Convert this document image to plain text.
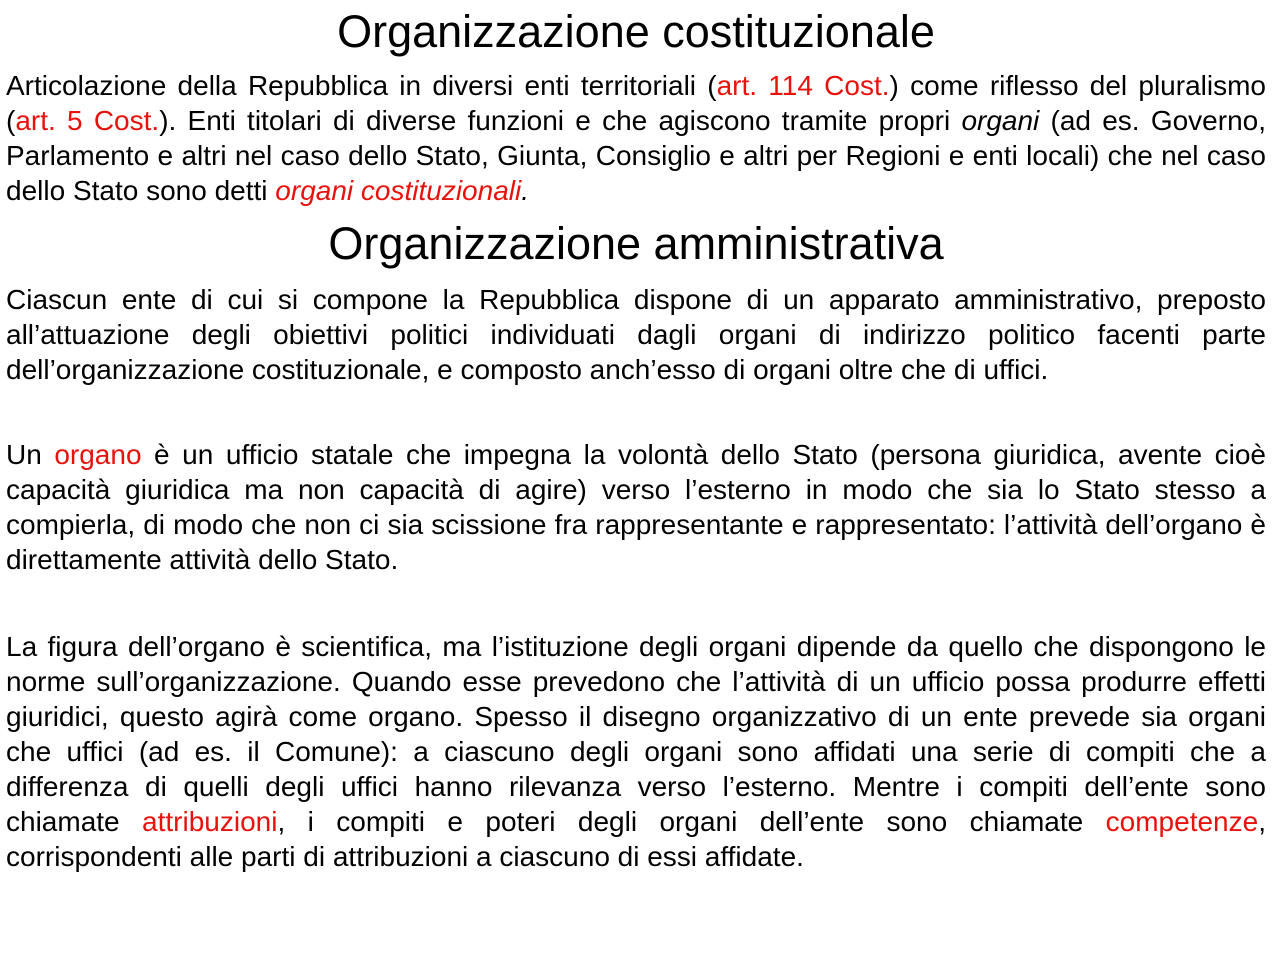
Organizzazione costituzionale

Articolazione della Repubblica in diversi enti territoriali (art. 114 Cost.) come riflesso del pluralismo (art. 5 Cost.). Enti titolari di diverse funzioni e che agiscono tramite propri organi (ad es. Governo, Parlamento e altri nel caso dello Stato, Giunta, Consiglio e altri per Regioni e enti locali) che nel caso dello Stato sono detti organi costituzionali.

Organizzazione amministrativa

Ciascun ente di cui si compone la Repubblica dispone di un apparato amministrativo, preposto all’attuazione degli obiettivi politici individuati dagli organi di indirizzo politico facenti parte dell’organizzazione costituzionale, e composto anch’esso di organi oltre che di uffici.

Un organo è un ufficio statale che impegna la volontà dello Stato (persona giuridica, avente cioè capacità giuridica ma non capacità di agire) verso l’esterno in modo che sia lo Stato stesso a compierla, di modo che non ci sia scissione fra rappresentante e rappresentato: l’attività dell’organo è direttamente attività dello Stato.

La figura dell’organo è scientifica, ma l’istituzione degli organi dipende da quello che dispongono le norme sull’organizzazione. Quando esse prevedono che l’attività di un ufficio possa produrre effetti giuridici, questo agirà come organo. Spesso il disegno organizzativo di un ente prevede sia organi che uffici (ad es. il Comune): a ciascuno degli organi sono affidati una serie di compiti che a differenza di quelli degli uffici hanno rilevanza verso l’esterno. Mentre i compiti dell’ente sono chiamate attribuzioni, i compiti e poteri degli organi dell’ente sono chiamate competenze, corrispondenti alle parti di attribuzioni a ciascuno di essi affidate.
